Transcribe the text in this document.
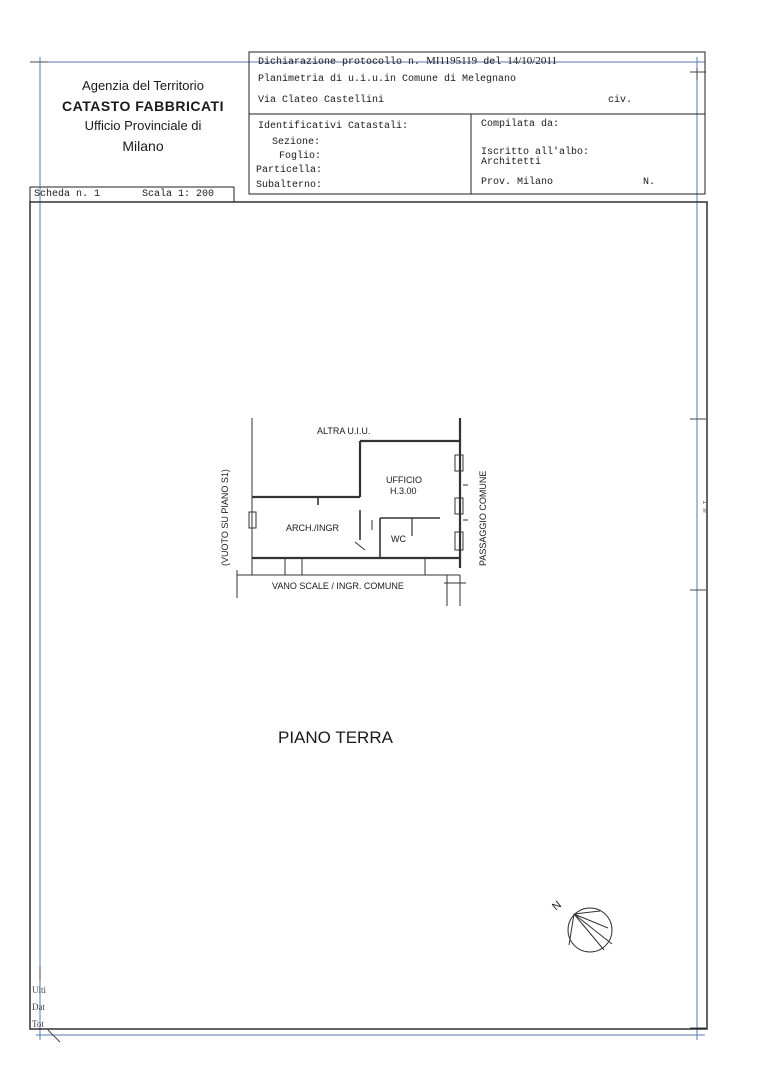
1 m
Agenzia del Territorio
CATASTO FABBRICATI
Ufficio Provinciale di
Milano
Dichiarazione protocollo n. MI1195119 del 14/10/2011
Planimetria di u.i.u.in Comune di Melegnano
Via Clateo Castellini	civ.
Identificativi Catastali:
Sezione:
Foglio:
Particella:
Subalterno:
Compilata da:
Iscritto all'albo:
Architetti
Prov. Milano	N.
Scheda n. 1	Scala 1: 200
ALTRA U.I.U.
UFFICIO
H.3.00
ARCH./INGR
WC
VANO SCALE / INGR. COMUNE
(VUOTO SU PIANO S1)	PASSAGGIO COMUNE
PIANO TERRA
N
Ulti
Dat
Tot
